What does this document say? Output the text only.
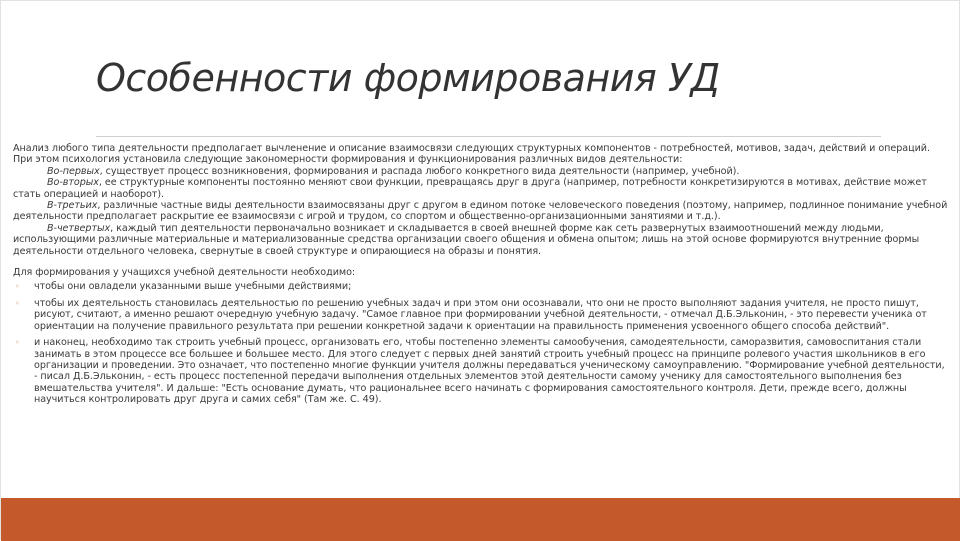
Особенности формирования УД

Анализ любого типа деятельности предполагает вычленение и описание взаимосвязи следующих структурных компонентов - потребностей, мотивов, задач, действий и операций. При этом психология установила следующие закономерности формирования и функционирования различных видов деятельности:

Во-первых, существует процесс возникновения, формирования и распада любого конкретного вида деятельности (например, учебной).

Во-вторых, ее структурные компоненты постоянно меняют свои функции, превращаясь друг в друга (например, потребности конкретизируются в мотивах, действие может стать операцией и наоборот).

В-третьих, различные частные виды деятельности взаимосвязаны друг с другом в едином потоке человеческого поведения (поэтому, например, подлинное понимание учебной деятельности предполагает раскрытие ее взаимосвязи с игрой и трудом, со спортом и общественно-организационными занятиями и т.д.).

В-четвертых, каждый тип деятельности первоначально возникает и складывается в своей внешней форме как сеть развернутых взаимоотношений между людьми, использующими различные материальные и материализованные средства организации своего общения и обмена опытом; лишь на этой основе формируются внутренние формы деятельности отдельного человека, свернутые в своей структуре и опирающиеся на образы и понятия.

Для формирования у учащихся учебной деятельности необходимо:

◦ чтобы они овладели указанными выше учебными действиями;
◦ чтобы их деятельность становилась деятельностью по решению учебных задач и при этом они осознавали, что они не просто выполняют задания учителя, не просто пишут, рисуют, считают, а именно решают очередную учебную задачу. "Самое главное при формировании учебной деятельности, - отмечал Д.Б.Эльконин, - это перевести ученика от ориентации на получение правильного результата при решении конкретной задачи к ориентации на правильность применения усвоенного общего способа действий".
◦ и наконец, необходимо так строить учебный процесс, организовать его, чтобы постепенно элементы самообучения, самодеятельности, саморазвития, самовоспитания стали занимать в этом процессе все большее и большее место. Для этого следует с первых дней занятий строить учебный процесс на принципе ролевого участия школьников в его организации и проведении. Это означает, что постепенно многие функции учителя должны передаваться ученическому самоуправлению. "Формирование учебной деятельности, - писал Д.Б.Эльконин, - есть процесс постепенной передачи выполнения отдельных элементов этой деятельности самому ученику для самостоятельного выполнения без вмешательства учителя". И дальше: "Есть основание думать, что рациональнее всего начинать с формирования самостоятельного контроля. Дети, прежде всего, должны научиться контролировать друг друга и самих себя" (Там же. С. 49).
